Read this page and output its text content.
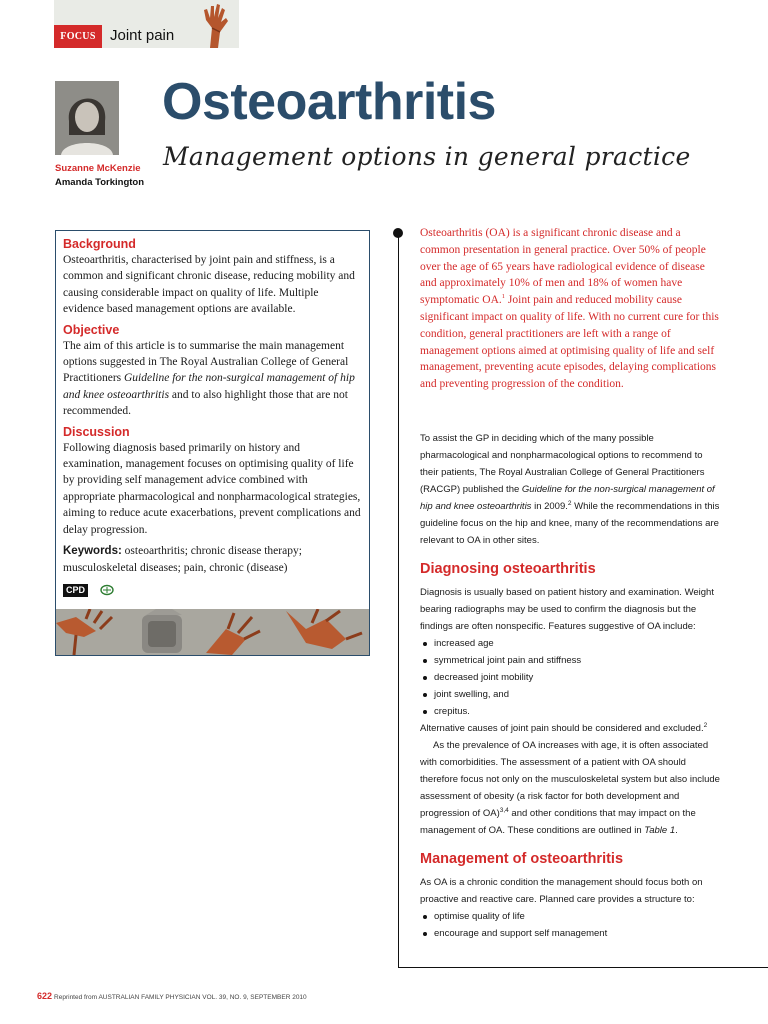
FOCUS Joint pain
Suzanne McKenzie
Amanda Torkington
Osteoarthritis
Management options in general practice
Background

Osteoarthritis, characterised by joint pain and stiffness, is a common and significant chronic disease, reducing mobility and causing considerable impact on quality of life. Multiple evidence based management options are available.

Objective

The aim of this article is to summarise the main management options suggested in The Royal Australian College of General Practitioners Guideline for the non-surgical management of hip and knee osteoarthritis and to also highlight those that are not recommended.

Discussion

Following diagnosis based primarily on history and examination, management focuses on optimising quality of life by providing self management advice combined with appropriate pharmacological and nonpharmacological strategies, aiming to reduce acute exacerbations, prevent complications and delay progression.

Keywords: osteoarthritis; chronic disease therapy; musculoskeletal diseases; pain, chronic (disease)

CPD

Osteoarthritis (OA) is a significant chronic disease and a common presentation in general practice. Over 50% of people over the age of 65 years have radiological evidence of disease and approximately 10% of men and 18% of women have symptomatic OA.$^1$ Joint pain and reduced mobility cause significant impact on quality of life. With no current cure for this condition, general practitioners are left with a range of management options aimed at optimising quality of life and self management, preventing acute episodes, delaying complications and preventing progression of the condition.

To assist the GP in deciding which of the many possible pharmacological and nonpharmacological options to recommend to their patients, The Royal Australian College of General Practitioners (RACGP) published the Guideline for the non-surgical management of hip and knee osteoarthritis in 2009.$^2$ While the recommendations in this guideline focus on the hip and knee, many of the recommendations are relevant to OA in other sites.

Diagnosing osteoarthritis

Diagnosis is usually based on patient history and examination. Weight bearing radiographs may be used to confirm the diagnosis but the findings are often nonspecific. Features suggestive of OA include:

increased age
symmetrical joint pain and stiffness
decreased joint mobility
joint swelling, and
crepitus.

Alternative causes of joint pain should be considered and excluded.$^2$

As the prevalence of OA increases with age, it is often associated with comorbidities. The assessment of a patient with OA should therefore focus not only on the musculoskeletal system but also include assessment of obesity (a risk factor for both development and progression of OA)$^{3,4}$ and other conditions that may impact on the management of OA. These conditions are outlined in Table 1.

Management of osteoarthritis

As OA is a chronic condition the management should focus both on proactive and reactive care. Planned care provides a structure to:

optimise quality of life
encourage and support self management
622 Reprinted from AUSTRALIAN FAMILY PHYSICIAN VOL. 39, NO. 9, SEPTEMBER 2010
